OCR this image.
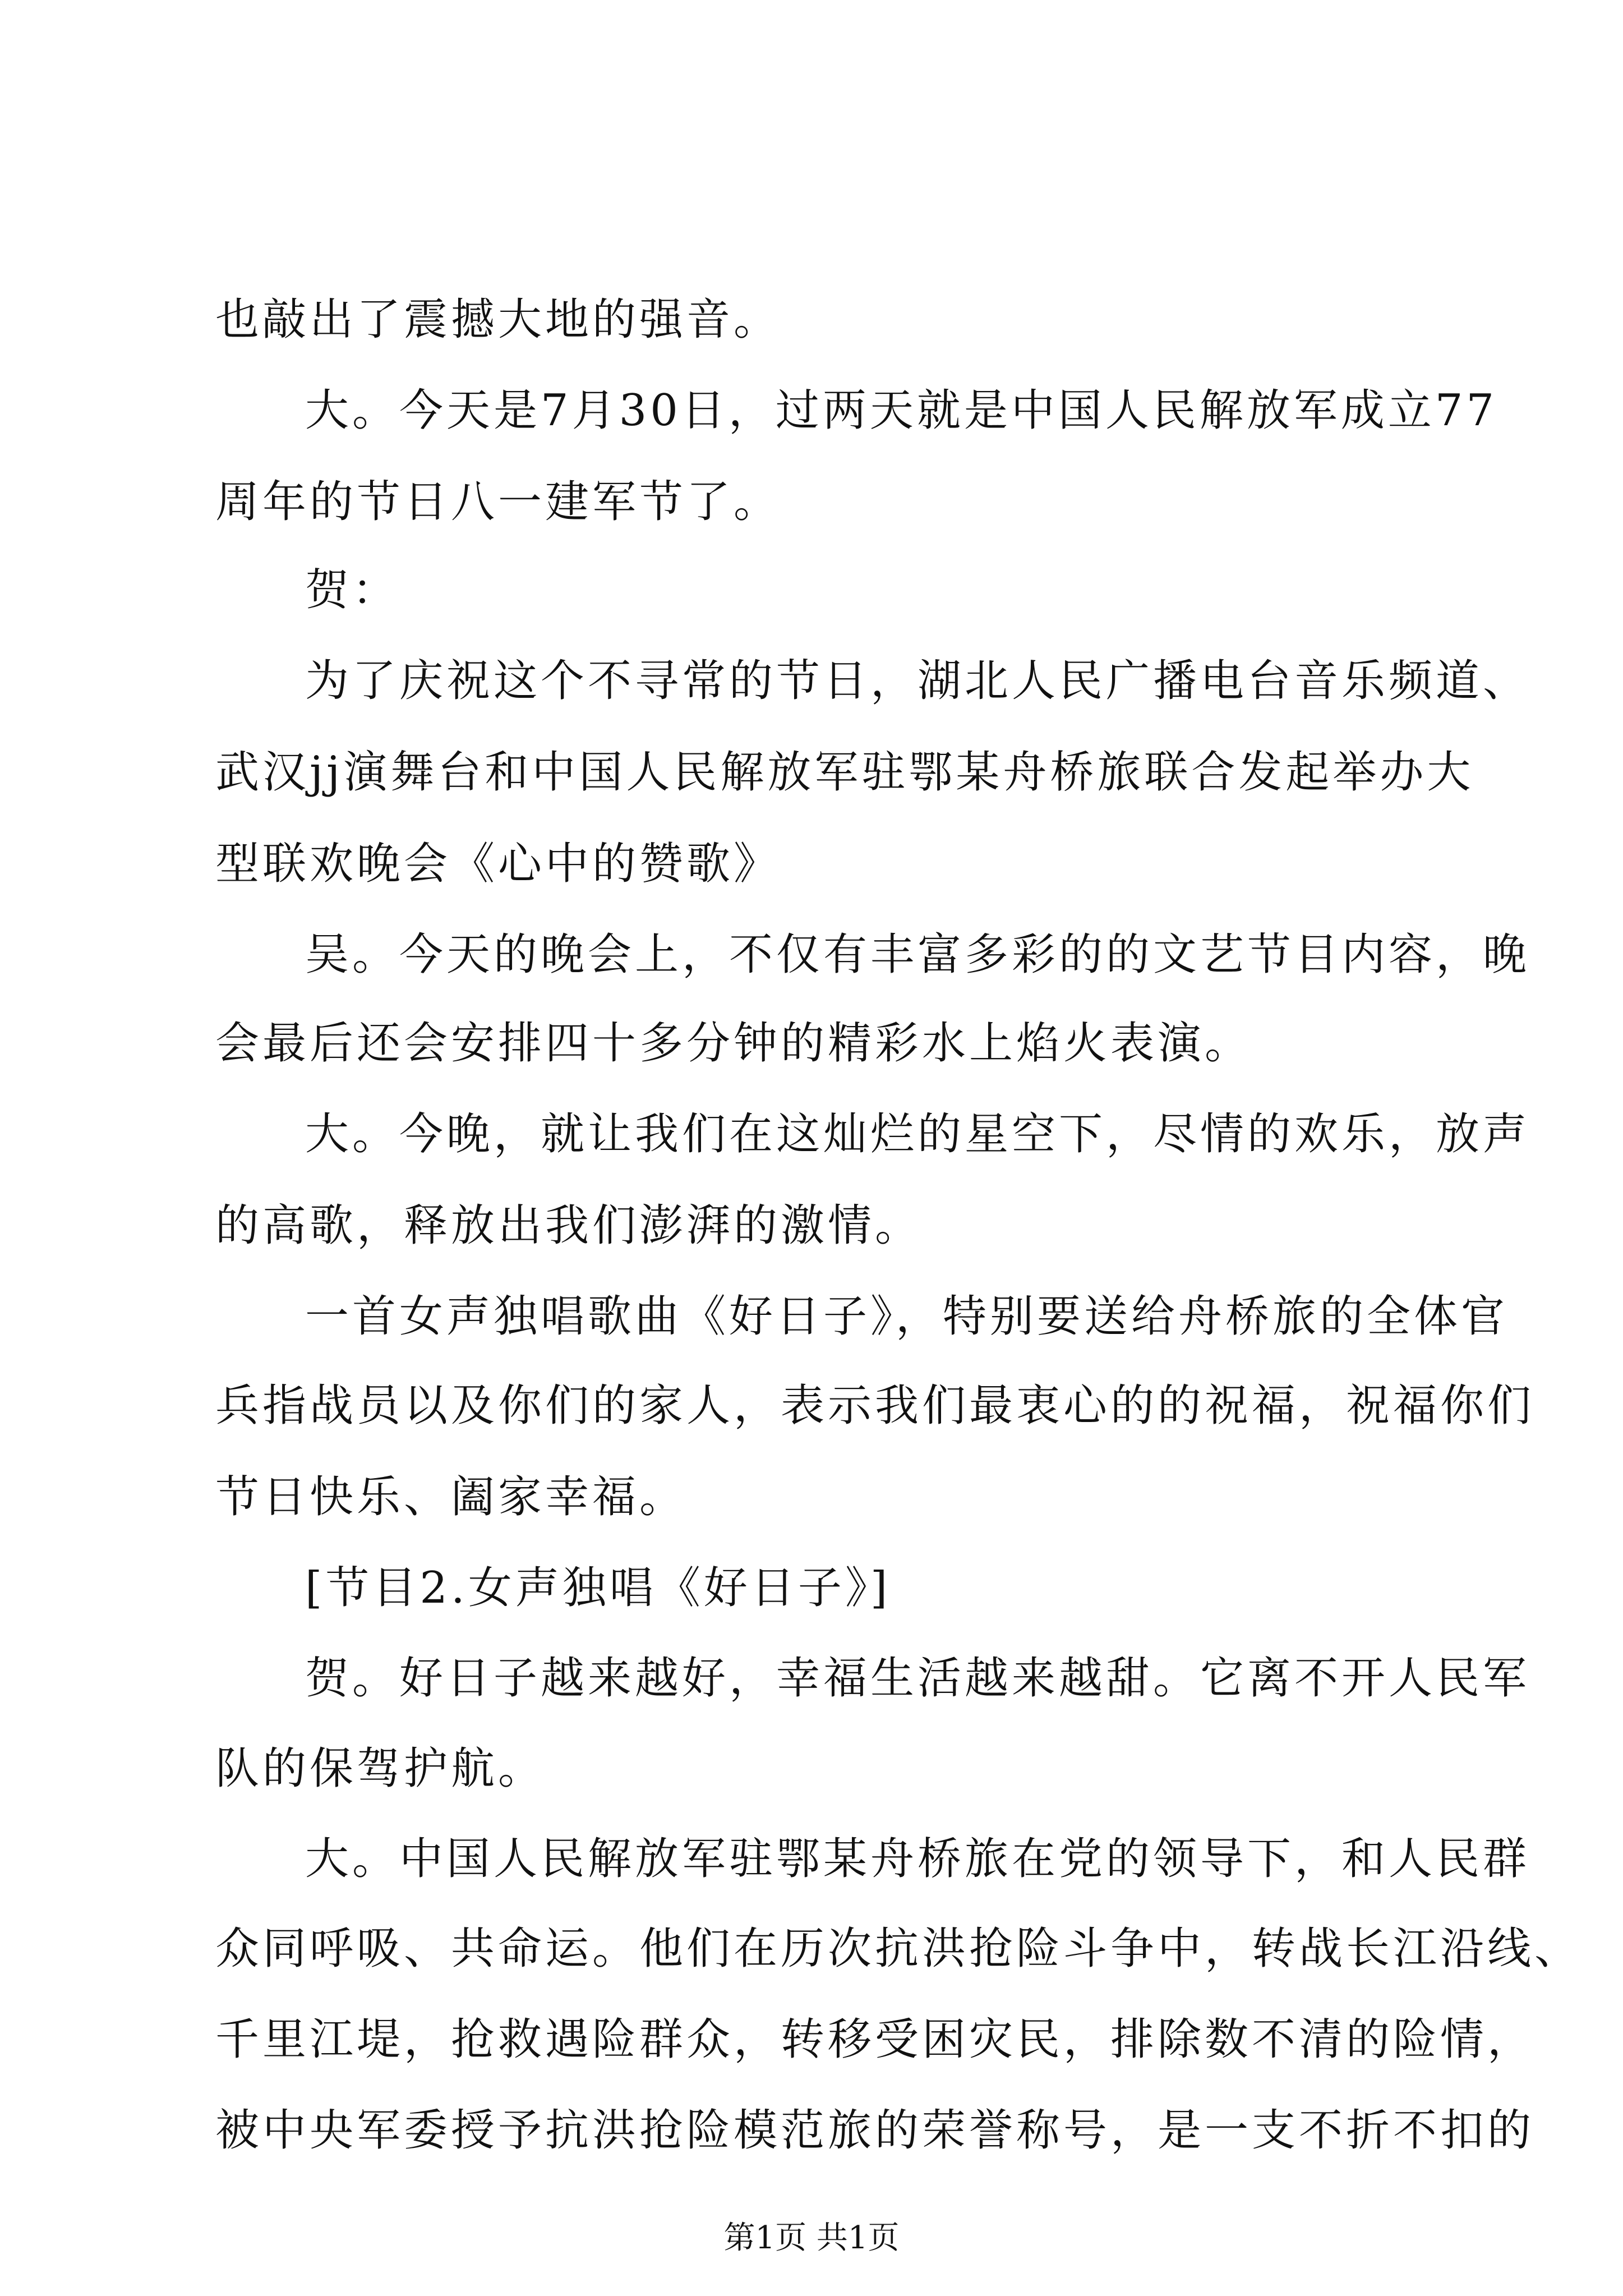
也敲出了震撼大地的强音。
大。今天是7月30日，过两天就是中国人民解放军成立77
周年的节日八一建军节了。
贺：
为了庆祝这个不寻常的节日，湖北人民广播电台音乐频道、
武汉jj演舞台和中国人民解放军驻鄂某舟桥旅联合发起举办大
型联欢晚会《心中的赞歌》
吴。今天的晚会上，不仅有丰富多彩的的文艺节目内容，晚
会最后还会安排四十多分钟的精彩水上焰火表演。
大。今晚，就让我们在这灿烂的星空下，尽情的欢乐，放声
的高歌，释放出我们澎湃的激情。
一首女声独唱歌曲《好日子》，特别要送给舟桥旅的全体官
兵指战员以及你们的家人，表示我们最衷心的的祝福，祝福你们
节日快乐、阖家幸福。
[节目2.女声独唱《好日子》]
贺。好日子越来越好，幸福生活越来越甜。它离不开人民军
队的保驾护航。
大。中国人民解放军驻鄂某舟桥旅在党的领导下，和人民群
众同呼吸、共命运。他们在历次抗洪抢险斗争中，转战长江沿线、
千里江堤，抢救遇险群众，转移受困灾民，排除数不清的险情，
被中央军委授予抗洪抢险模范旅的荣誉称号，是一支不折不扣的
第1页 共1页
